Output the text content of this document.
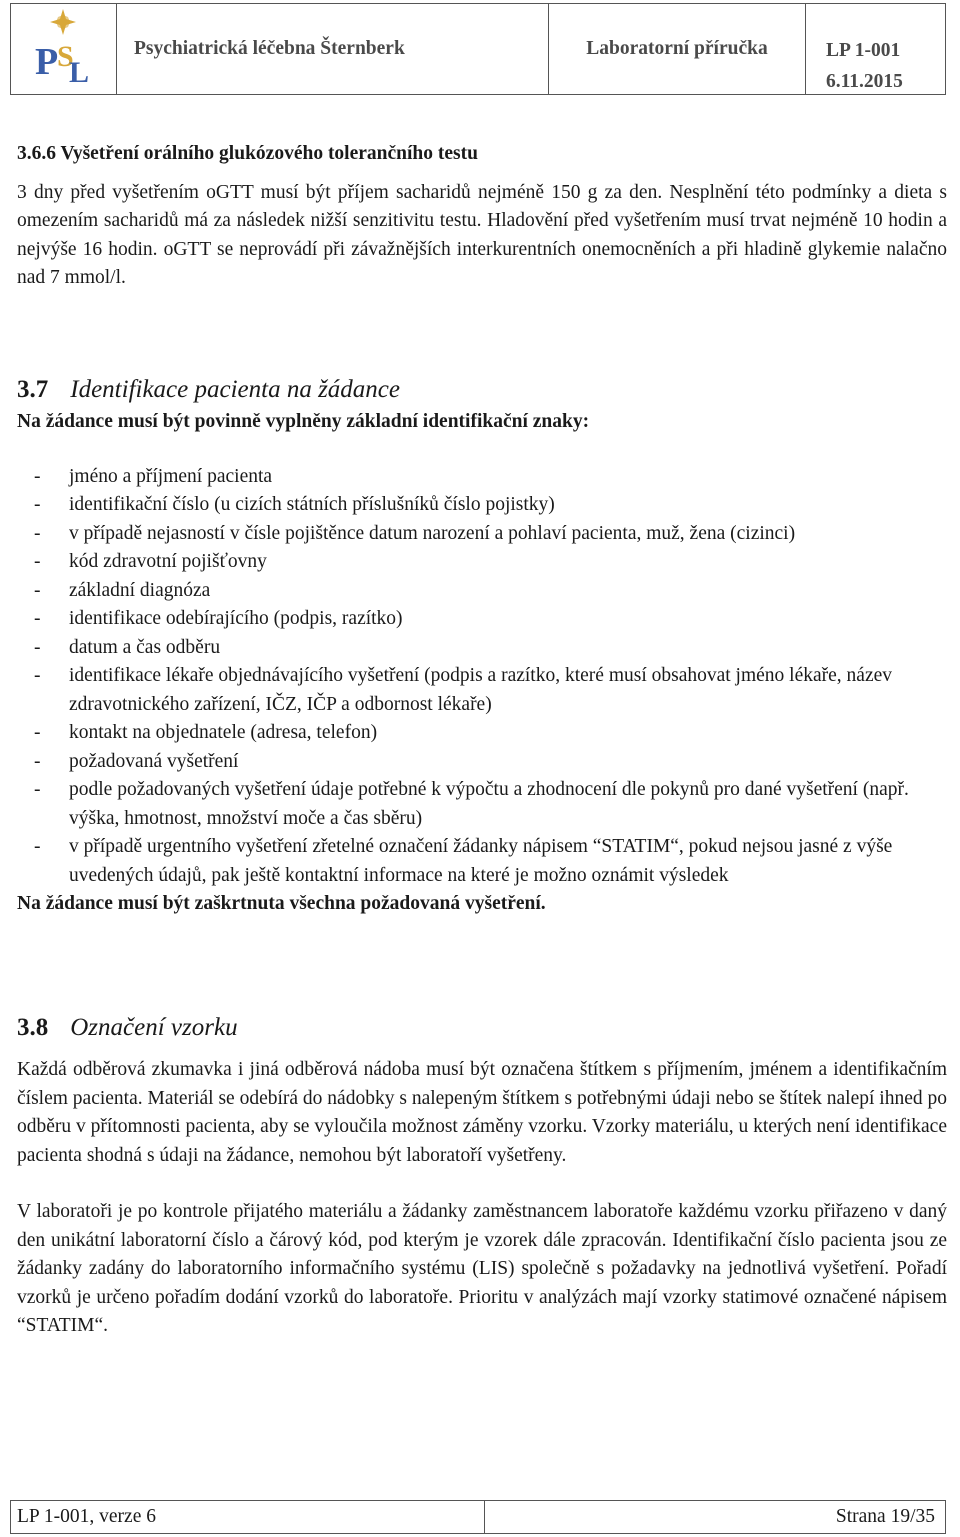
P
S
L
Psychiatrická léčebna Šternberk	Laboratorní příručka	LP 1-001
6.11.2015

3.6.6 Vyšetření orálního glukózového tolerančního testu

3 dny před vyšetřením oGTT musí být příjem sacharidů nejméně 150 g za den. Nesplnění této podmínky a dieta s omezením sacharidů má za následek nižší senzitivitu testu. Hladovění před vyšetřením musí trvat nejméně 10 hodin a nejvýše 16 hodin. oGTT se neprovádí při závažnějších interkurentních onemocněních a při hladině glykemie nalačno nad 7 mmol/l.

3.7 Identifikace pacienta na žádance

Na žádance musí být povinně vyplněny základní identifikační znaky:

- jméno a příjmení pacienta
- identifikační číslo (u cizích státních příslušníků číslo pojistky)
- v případě nejasností v čísle pojištěnce datum narození a pohlaví pacienta, muž, žena (cizinci)
- kód zdravotní pojišťovny
- základní diagnóza
- identifikace odebírajícího (podpis, razítko)
- datum a čas odběru
- identifikace lékaře objednávajícího vyšetření (podpis a razítko, které musí obsahovat jméno lékaře, název zdravotnického zařízení, IČZ, IČP a odbornost lékaře)
- kontakt na objednatele (adresa, telefon)
- požadovaná vyšetření
- podle požadovaných vyšetření údaje potřebné k výpočtu a zhodnocení dle pokynů pro dané vyšetření (např. výška, hmotnost, množství moče a čas sběru)
- v případě urgentního vyšetření zřetelné označení žádanky nápisem “STATIM“, pokud nejsou jasné z výše uvedených údajů, pak ještě kontaktní informace na které je možno oznámit výsledek

Na žádance musí být zaškrtnuta všechna požadovaná vyšetření.

3.8 Označení vzorku

Každá odběrová zkumavka i jiná odběrová nádoba musí být označena štítkem s příjmením, jménem a identifikačním číslem pacienta. Materiál se odebírá do nádobky s nalepeným štítkem s potřebnými údaji nebo se štítek nalepí ihned po odběru v přítomnosti pacienta, aby se vyloučila možnost záměny vzorku. Vzorky materiálu, u kterých není identifikace pacienta shodná s údaji na žádance, nemohou být laboratoří vyšetřeny.

V laboratoři je po kontrole přijatého materiálu a žádanky zaměstnancem laboratoře každému vzorku přiřazeno v daný den unikátní laboratorní číslo a čárový kód, pod kterým je vzorek dále zpracován. Identifikační číslo pacienta jsou ze žádanky zadány do laboratorního informačního systému (LIS) společně s požadavky na jednotlivá vyšetření. Pořadí vzorků je určeno pořadím dodání vzorků do laboratoře. Prioritu v analýzách mají vzorky statimové označené nápisem “STATIM“.

LP 1-001, verze 6	Strana 19/35
